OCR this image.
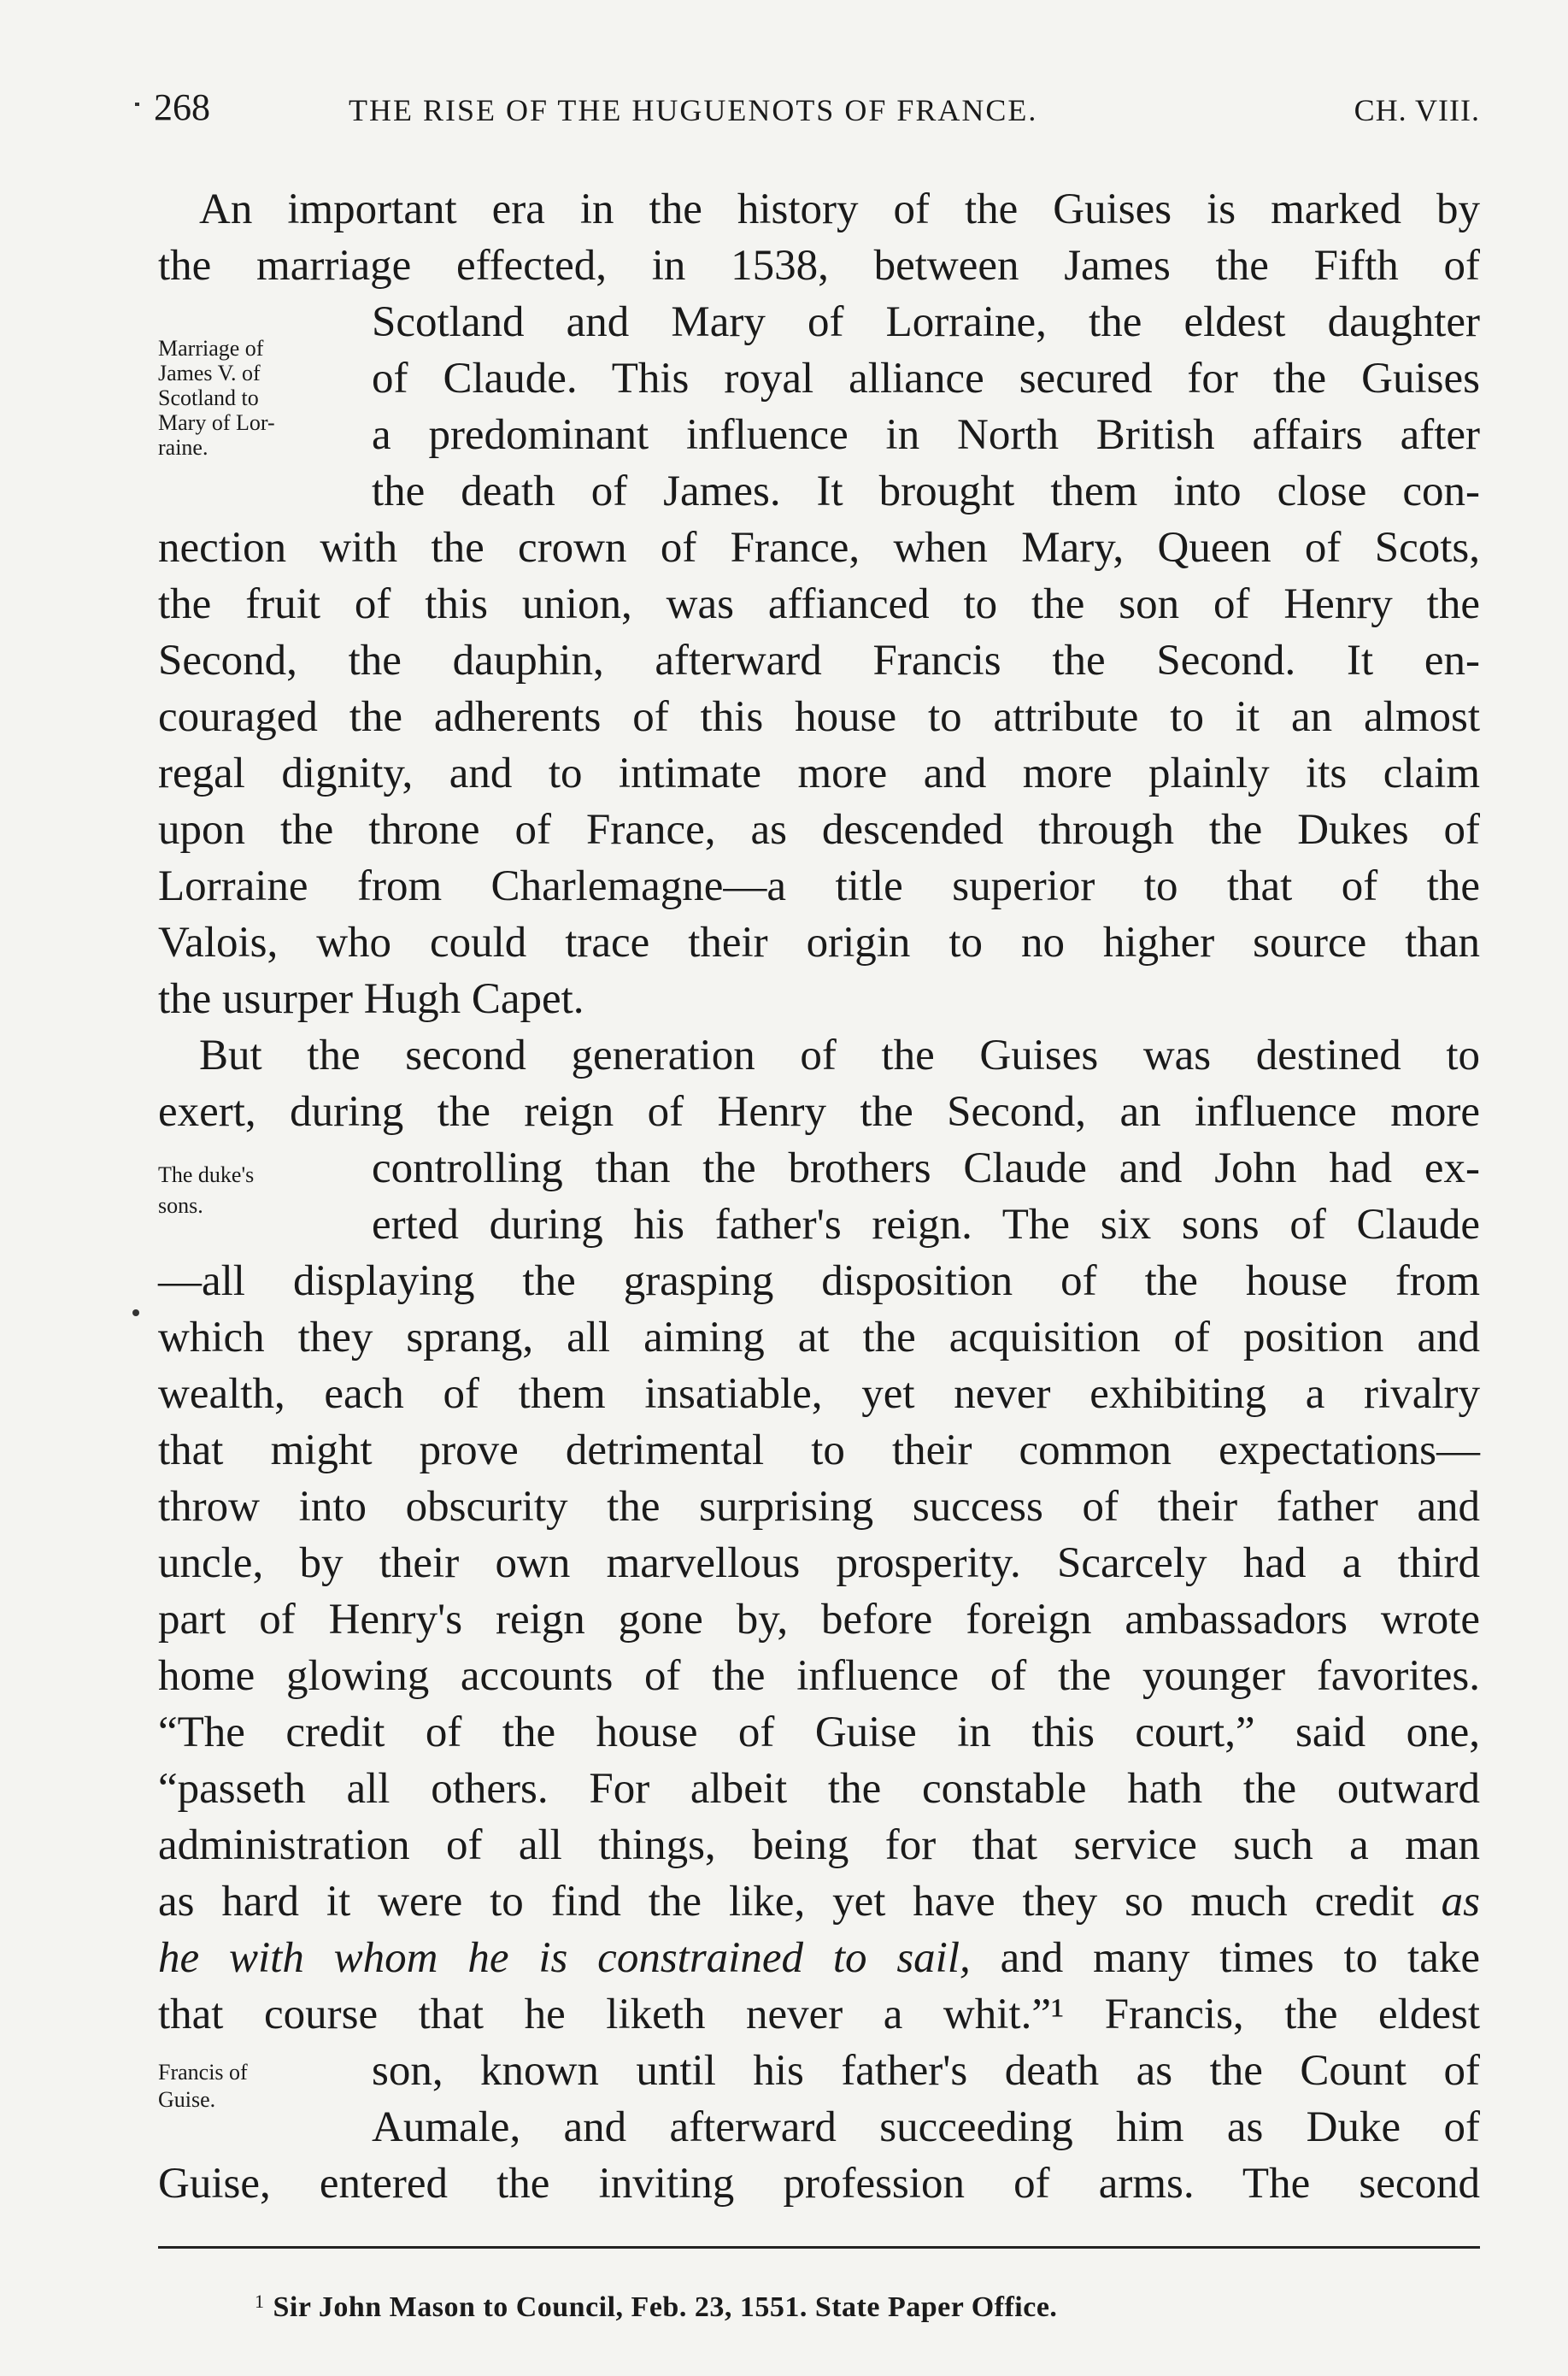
268	THE RISE OF THE HUGUENOTS OF FRANCE.	CH. VIII.
An important era in the history of the Guises is marked by
the marriage effected, in 1538, between James the Fifth of
Scotland and Mary of Lorraine, the eldest daughter
of Claude. This royal alliance secured for the Guises
a predominant influence in North British affairs after
the death of James. It brought them into close con-
nection with the crown of France, when Mary, Queen of Scots,
the fruit of this union, was affianced to the son of Henry the
Second, the dauphin, afterward Francis the Second. It en-
couraged the adherents of this house to attribute to it an almost
regal dignity, and to intimate more and more plainly its claim
upon the throne of France, as descended through the Dukes of
Lorraine from Charlemagne—a title superior to that of the
Valois, who could trace their origin to no higher source than
the usurper Hugh Capet.
But the second generation of the Guises was destined to
exert, during the reign of Henry the Second, an influence more
controlling than the brothers Claude and John had ex-
erted during his father's reign. The six sons of Claude
—all displaying the grasping disposition of the house from
which they sprang, all aiming at the acquisition of position and
wealth, each of them insatiable, yet never exhibiting a rivalry
that might prove detrimental to their common expectations—
throw into obscurity the surprising success of their father and
uncle, by their own marvellous prosperity. Scarcely had a third
part of Henry's reign gone by, before foreign ambassadors wrote
home glowing accounts of the influence of the younger favorites.
“The credit of the house of Guise in this court,” said one,
“passeth all others. For albeit the constable hath the outward
administration of all things, being for that service such a man
as hard it were to find the like, yet have they so much credit as
he with whom he is constrained to sail, and many times to take
that course that he liketh never a whit.”¹ Francis, the eldest
son, known until his father's death as the Count of
Aumale, and afterward succeeding him as Duke of
Guise, entered the inviting profession of arms. The second
Marriage of
James V. of
Scotland to
Mary of Lor-
raine.
The duke's
sons.
Francis of
Guise.
$^1$ Sir John Mason to Council, Feb. 23, 1551. State Paper Office.
